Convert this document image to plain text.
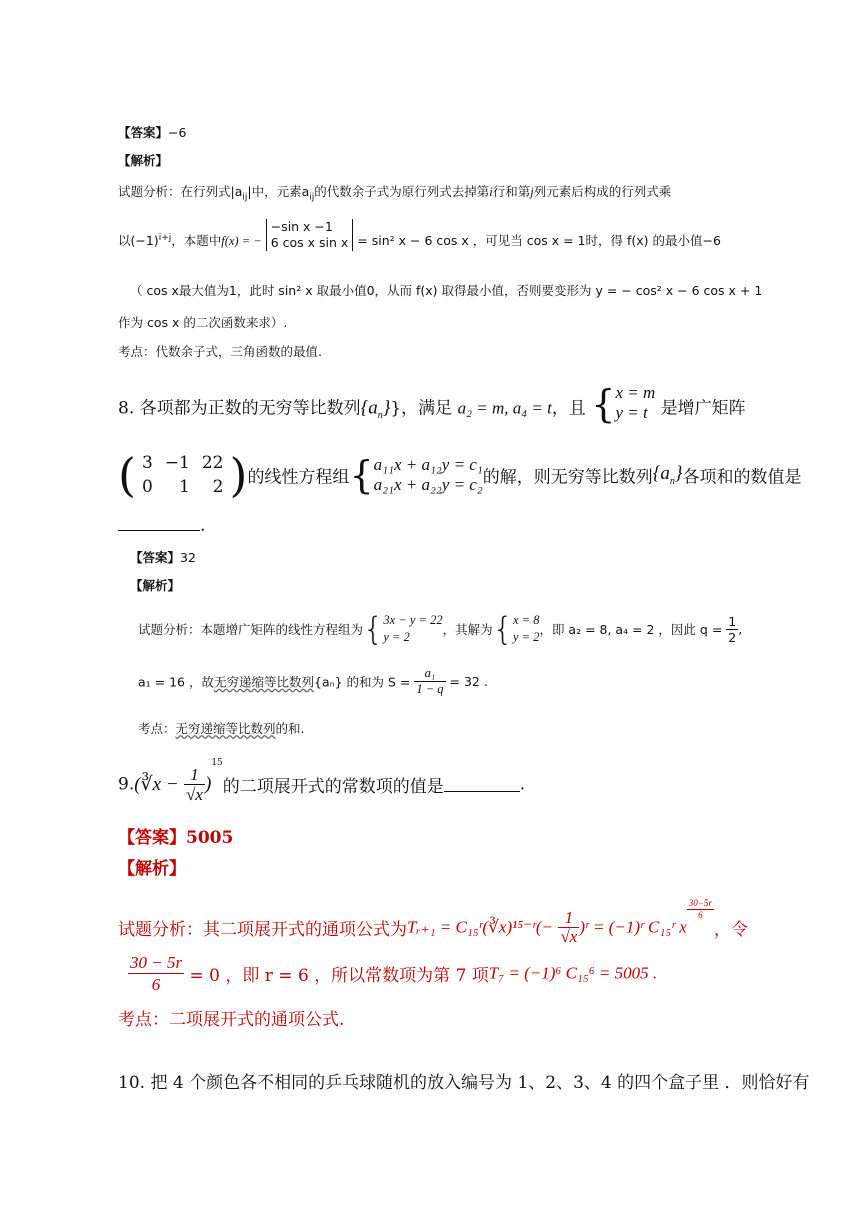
【答案】−6
【解析】
试题分析：在行列式$|a_{ij}|$中，元素$a_{ij}$的代数余子式为原行列式去掉第i行和第j列元素后构成的行列式乘
以$(-1)^{i+j}$，本题中f(x) = −
−sin x −1
6 cos x sin x = sin² x − 6 cos x ，可见当 cos x = 1时，得 f(x) 的最小值−6
（ cos x最大值为1，此时 sin² x 取最小值0，从而 f(x) 取得最小值，否则要变形为 y = − cos² x − 6 cos x + 1
作为 cos x 的二次函数来求）.
考点：代数余子式，三角函数的最值.
8. 各项都为正数的无穷等比数列$\{a_n\}$}，满足 a₂ = m, a₄ = t，且 { x = m
y = t 是增广矩阵
( 3	−1	22
0	1	2 )的线性方程组{ a₁₁x + a₁₂y = c₁
a₂₁x + a₂₂y = c₂ 的解，则无穷等比数列$\{a_n\}$各项和的数值是
.
【答案】32
【解析】
试题分析：本题增广矩阵的线性方程组为{ 3x − y = 22
y = 2	，其解为{ x = 8
y = 2 ，即 a₂ = 8, a₄ = 2 ，因此 $q = \frac{1}{2}$ ,
a₁ = 16 ，故无穷递缩等比数列{aₙ} 的和为 $S = \frac{\text{a₁}}{1 - q} = 32$ .
考点：无穷递缩等比数列的和.
9.(∛x − $\frac{1}{√x} )^{15}$的二项展开式的常数项的值是	.
【答案】5005
【解析】
试题分析：其二项展开式的通项公式为Tᵣ₊₁ = C₁₅ʳ(∛x)¹⁵⁻ʳ(− $\frac{1}{√x}$ )ʳ = (−1)ʳ C₁₅ʳ x
$\frac{30-5r}{6}$
，令
$\frac{30 - 5r}{6} = 0$ ，即 r = 6 ，所以常数项为第 7 项T₇ = (−1)⁶ C₁₅⁶ = 5005 .
考点：二项展开式的通项公式.
10. 把 4 个颜色各不相同的乒乓球随机的放入编号为 1、2、3、4 的四个盒子里 ．则恰好有
